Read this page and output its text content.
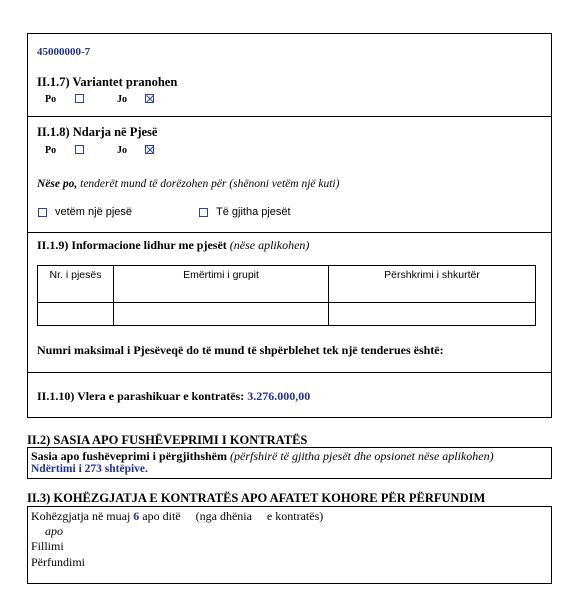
45000000-7
II.1.7) Variantet pranohen
Po	Jo
II.1.8) Ndarja në Pjesë
Po	Jo
Nëse po, tenderët mund të dorëzohen për (shënoni vetëm një kuti)
vetëm një pjesë	Të gjitha pjesët
II.1.9) Informacione lidhur me pjesët (nëse aplikohen)
Nr. i pjesës	Emërtimi i grupit	Përshkrimi i shkurtër

Numri maksimal i Pjesëveqë do të mund të shpërblehet tek një tenderues është:
II.1.10) Vlera e parashikuar e kontratës: 3.276.000,00
II.2) SASIA APO FUSHËVEPRIMI I KONTRATËS
Sasia apo fushëveprimi i përgjithshëm (përfshirë të gjitha pjesët dhe opsionet nëse aplikohen)
Ndërtimi i 273 shtëpive.
II.3) KOHËZGJATJA E KONTRATËS APO AFATET KOHORE PËR PËRFUNDIM
Kohëzgjatja në muaj 6 apo ditë (nga dhënia     e kontratës)
apo
Fillimi
Përfundimi
